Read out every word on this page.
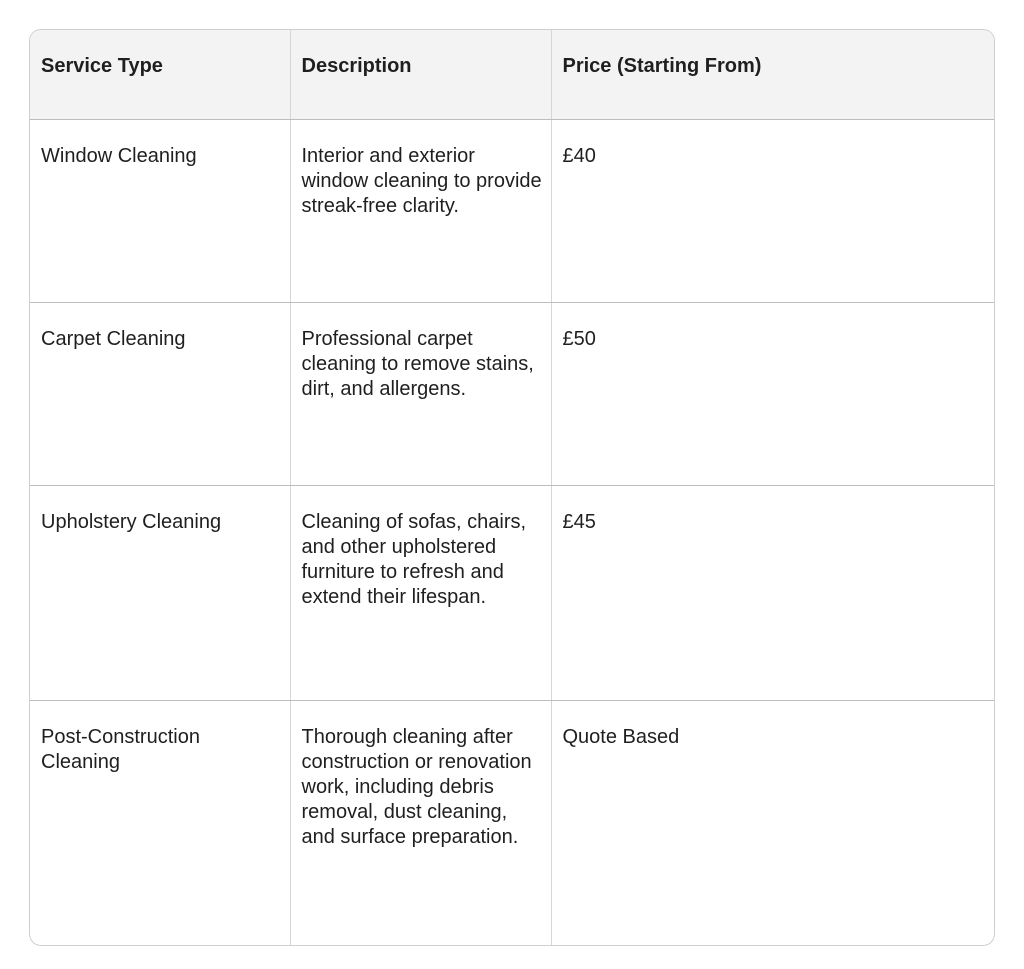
Service Type	Description	Price (Starting From)
Window Cleaning	Interior and exterior window cleaning to provide streak-free clarity.	£40
Carpet Cleaning	Professional carpet cleaning to remove stains, dirt, and allergens.	£50
Upholstery Cleaning	Cleaning of sofas, chairs, and other upholstered furniture to refresh and extend their lifespan.	£45
Post-Construction Cleaning	Thorough cleaning after construction or renovation work, including debris removal, dust cleaning, and surface preparation.	Quote Based
